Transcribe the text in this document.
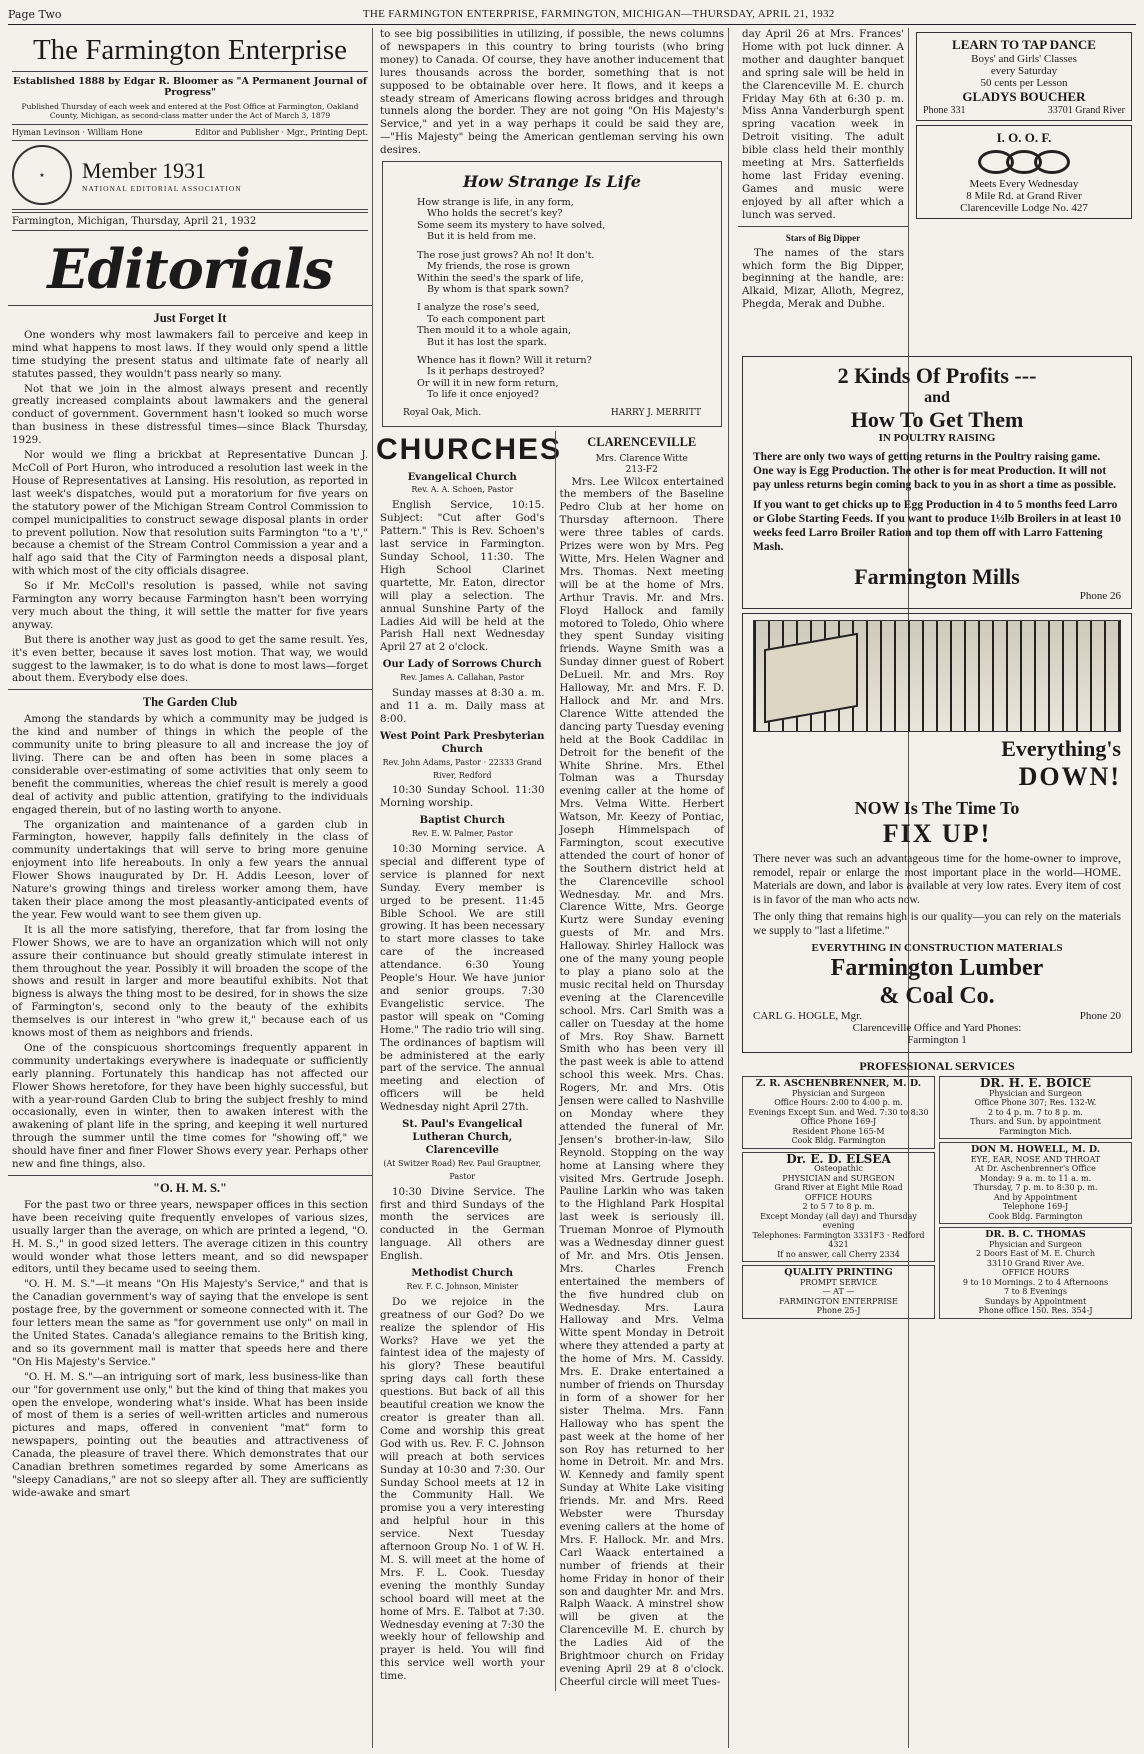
Page Two	THE FARMINGTON ENTERPRISE, FARMINGTON, MICHIGAN—THURSDAY, APRIL 21, 1932
The Farmington Enterprise
Established 1888 by Edgar R. Bloomer as "A Permanent Journal of Progress"
Published Thursday of each week and entered at the Post Office at Farmington, Oakland County, Michigan, as second-class matter under the Act of March 3, 1879
Hyman Levinson · William Hone	Editor and Publisher · Mgr., Printing Dept.
★	Member 1931
NATIONAL EDITORIAL ASSOCIATION
Farmington, Michigan, Thursday, April 21, 1932
Editorials
Just Forget It

One wonders why most lawmakers fail to perceive and keep in mind what happens to most laws. If they would only spend a little time studying the present status and ultimate fate of nearly all statutes passed, they wouldn't pass nearly so many.

Not that we join in the almost always present and recently greatly increased complaints about lawmakers and the general conduct of government. Government hasn't looked so much worse than business in these distressful times—since Black Thursday, 1929.

Nor would we fling a brickbat at Representative Duncan J. McColl of Port Huron, who introduced a resolution last week in the House of Representatives at Lansing. His resolution, as reported in last week's dispatches, would put a moratorium for five years on the statutory power of the Michigan Stream Control Commission to compel municipalities to construct sewage disposal plants in order to prevent pollution. Now that resolution suits Farmington "to a 't'," because a chemist of the Stream Control Commission a year and a half ago said that the City of Farmington needs a disposal plant, with which most of the city officials disagree.

So if Mr. McColl's resolution is passed, while not saving Farmington any worry because Farmington hasn't been worrying very much about the thing, it will settle the matter for five years anyway.

But there is another way just as good to get the same result. Yes, it's even better, because it saves lost motion. That way, we would suggest to the lawmaker, is to do what is done to most laws—forget about them. Everybody else does.

The Garden Club

Among the standards by which a community may be judged is the kind and number of things in which the people of the community unite to bring pleasure to all and increase the joy of living. There can be and often has been in some places a considerable over-estimating of some activities that only seem to benefit the communities, whereas the chief result is merely a good deal of activity and public attention, gratifying to the individuals engaged therein, but of no lasting worth to anyone.

The organization and maintenance of a garden club in Farmington, however, happily falls definitely in the class of community undertakings that will serve to bring more genuine enjoyment into life hereabouts. In only a few years the annual Flower Shows inaugurated by Dr. H. Addis Leeson, lover of Nature's growing things and tireless worker among them, have taken their place among the most pleasantly-anticipated events of the year. Few would want to see them given up.

It is all the more satisfying, therefore, that far from losing the Flower Shows, we are to have an organization which will not only assure their continuance but should greatly stimulate interest in them throughout the year. Possibly it will broaden the scope of the shows and result in larger and more beautiful exhibits. Not that bigness is always the thing most to be desired, for in shows the size of Farmington's, second only to the beauty of the exhibits themselves is our interest in "who grew it," because each of us knows most of them as neighbors and friends.

One of the conspicuous shortcomings frequently apparent in community undertakings everywhere is inadequate or sufficiently early planning. Fortunately this handicap has not affected our Flower Shows heretofore, for they have been highly successful, but with a year-round Garden Club to bring the subject freshly to mind occasionally, even in winter, then to awaken interest with the awakening of plant life in the spring, and keeping it well nurtured through the summer until the time comes for "showing off," we should have finer and finer Flower Shows every year. Perhaps other new and fine things, also.

"O. H. M. S."

For the past two or three years, newspaper offices in this section have been receiving quite frequently envelopes of various sizes, usually larger than the average, on which are printed a legend, "O. H. M. S.," in good sized letters. The average citizen in this country would wonder what those letters meant, and so did newspaper editors, until they became used to seeing them.

"O. H. M. S."—it means "On His Majesty's Service," and that is the Canadian government's way of saying that the envelope is sent postage free, by the government or someone connected with it. The four letters mean the same as "for government use only" on mail in the United States. Canada's allegiance remains to the British king, and so its government mail is matter that speeds here and there "On His Majesty's Service."

"O. H. M. S."—an intriguing sort of mark, less business-like than our "for government use only," but the kind of thing that makes you open the envelope, wondering what's inside. What has been inside of most of them is a series of well-written articles and numerous pictures and maps, offered in convenient "mat" form to newspapers, pointing out the beauties and attractiveness of Canada, the pleasure of travel there. Which demonstrates that our Canadian brethren sometimes regarded by some Americans as "sleepy Canadians," are not so sleepy after all. They are sufficiently wide-awake and smart

to see big possibilities in utilizing, if possible, the news columns of newspapers in this country to bring tourists (who bring money) to Canada. Of course, they have another inducement that lures thousands across the border, something that is not supposed to be obtainable over here. It flows, and it keeps a steady stream of Americans flowing across bridges and through tunnels along the border. They are not going "On His Majesty's Service," and yet in a way perhaps it could be said they are,—"His Majesty" being the American gentleman serving his own desires.

How Strange Is Life
How strange is life, in any form,
Who holds the secret's key?
Some seem its mystery to have solved,
But it is held from me.
The rose just grows? Ah no! It don't.
My friends, the rose is grown
Within the seed's the spark of life,
By whom is that spark sown?
I analyze the rose's seed,
To each component part
Then mould it to a whole again,
But it has lost the spark.
Whence has it flown? Will it return?
Is it perhaps destroyed?
Or will it in new form return,
To life it once enjoyed?
Royal Oak, Mich.	HARRY J. MERRITT
CHURCHES
Evangelical Church
Rev. A. A. Schoen, Pastor

English Service, 10:15. Subject: "Cut after God's Pattern." This is Rev. Schoen's last service in Farmington. Sunday School, 11:30. The High School Clarinet quartette, Mr. Eaton, director will play a selection. The annual Sunshine Party of the Ladies Aid will be held at the Parish Hall next Wednesday April 27 at 2 o'clock.

Our Lady of Sorrows Church
Rev. James A. Callahan, Pastor

Sunday masses at 8:30 a. m. and 11 a. m. Daily mass at 8:00.

West Point Park Presbyterian Church
Rev. John Adams, Pastor · 22333 Grand River, Redford

10:30 Sunday School. 11:30 Morning worship.

Baptist Church
Rev. E. W. Palmer, Pastor

10:30 Morning service. A special and different type of service is planned for next Sunday. Every member is urged to be present. 11:45 Bible School. We are still growing. It has been necessary to start more classes to take care of the increased attendance. 6:30 Young People's Hour. We have junior and senior groups. 7:30 Evangelistic service. The pastor will speak on "Coming Home." The radio trio will sing. The ordinances of baptism will be administered at the early part of the service. The annual meeting and election of officers will be held Wednesday night April 27th.

St. Paul's Evangelical Lutheran Church, Clarenceville
(At Switzer Road) Rev. Paul Grauptner, Pastor

10:30 Divine Service. The first and third Sundays of the month the services are conducted in the German language. All others are English.

Methodist Church
Rev. F. C. Johnson, Minister

Do we rejoice in the greatness of our God? Do we realize the splendor of His Works? Have we yet the faintest idea of the majesty of his glory? These beautiful spring days call forth these questions. But back of all this beautiful creation we know the creator is greater than all. Come and worship this great God with us. Rev. F. C. Johnson will preach at both services Sunday at 10:30 and 7:30. Our Sunday School meets at 12 in the Community Hall. We promise you a very interesting and helpful hour in this service. Next Tuesday afternoon Group No. 1 of W. H. M. S. will meet at the home of Mrs. F. L. Cook. Tuesday evening the monthly Sunday school board will meet at the home of Mrs. E. Talbot at 7:30. Wednesday evening at 7:30 the weekly hour of fellowship and prayer is held. You will find this service well worth your time.

CLARENCEVILLE
Mrs. Clarence Witte
213-F2

Mrs. Lee Wilcox entertained the members of the Baseline Pedro Club at her home on Thursday afternoon. There were three tables of cards. Prizes were won by Mrs. Peg Witte, Mrs. Helen Wagner and Mrs. Thomas. Next meeting will be at the home of Mrs. Arthur Travis. Mr. and Mrs. Floyd Hallock and family motored to Toledo, Ohio where they spent Sunday visiting friends. Wayne Smith was a Sunday dinner guest of Robert DeLueil. Mr. and Mrs. Roy Halloway, Mr. and Mrs. F. D. Hallock and Mr. and Mrs. Clarence Witte attended the dancing party Tuesday evening held at the Book Caddilac in Detroit for the benefit of the White Shrine. Mrs. Ethel Tolman was a Thursday evening caller at the home of Mrs. Velma Witte. Herbert Watson, Mr. Keezy of Pontiac, Joseph Himmelspach of Farmington, scout executive attended the court of honor of the Southern district held at the Clarenceville school Wednesday. Mr. and Mrs. Clarence Witte, Mrs. George Kurtz were Sunday evening guests of Mr. and Mrs. Halloway. Shirley Hallock was one of the many young people to play a piano solo at the music recital held on Thursday evening at the Clarenceville school. Mrs. Carl Smith was a caller on Tuesday at the home of Mrs. Roy Shaw. Barnett Smith who has been very ill the past week is able to attend school this week. Mrs. Chas. Rogers, Mr. and Mrs. Otis Jensen were called to Nashville on Monday where they attended the funeral of Mr. Jensen's brother-in-law, Silo Reynold. Stopping on the way home at Lansing where they visited Mrs. Gertrude Joseph. Pauline Larkin who was taken to the Highland Park Hospital last week is seriously ill. Trueman Monroe of Plymouth was a Wednesday dinner guest of Mr. and Mrs. Otis Jensen. Mrs. Charles French entertained the members of the five hundred club on Wednesday. Mrs. Laura Halloway and Mrs. Velma Witte spent Monday in Detroit where they attended a party at the home of Mrs. M. Cassidy. Mrs. E. Drake entertained a number of friends on Thursday in form of a shower for her sister Thelma. Mrs. Fann Halloway who has spent the past week at the home of her son Roy has returned to her home in Detroit. Mr. and Mrs. W. Kennedy and family spent Sunday at White Lake visiting friends. Mr. and Mrs. Reed Webster were Thursday evening callers at the home of Mrs. F. Hallock. Mr. and Mrs. Carl Waack entertained a number of friends at their home Friday in honor of their son and daughter Mr. and Mrs. Ralph Waack. A minstrel show will be given at the Clarenceville M. E. church by the Ladies Aid of the Brightmoor church on Friday evening April 29 at 8 o'clock. Cheerful circle will meet Tues-

day April 26 at Mrs. Frances' Home with pot luck dinner. A mother and daughter banquet and spring sale will be held in the Clarenceville M. E. church Friday May 6th at 6:30 p. m. Miss Anna Vanderburgh spent spring vacation week in Detroit visiting. The adult bible class held their monthly meeting at Mrs. Satterfields home last Friday evening. Games and music were enjoyed by all after which a lunch was served.

Stars of Big Dipper

The names of the stars which form the Big Dipper, beginning at the handle, are: Alkaid, Mizar, Alioth, Megrez, Phegda, Merak and Dubhe.

LEARN TO TAP DANCE
Boys' and Girls' Classes
every Saturday
50 cents per Lesson
GLADYS BOUCHER
Phone 331	33701 Grand River
I. O. O. F.
Meets Every Wednesday
8 Mile Rd. at Grand River
Clarenceville Lodge No. 427
2 Kinds Of Profits ---
and
How To Get Them
IN POULTRY RAISING
There are only two ways of getting returns in the Poultry raising game. One way is Egg Production. The other is for meat Production. It will not pay unless returns begin coming back to you in as short a time as possible.
If you want to get chicks up to Egg Production in 4 to 5 months feed Larro or Globe Starting Feeds. If you want to produce 1½lb Broilers in at least 10 weeks feed Larro Broiler Ration and top them off with Larro Fattening Mash.
Farmington Mills
Phone 26
Everything's
DOWN!
NOW Is The Time To
FIX UP!
There never was such an advantageous time for the home-owner to improve, remodel, repair or enlarge the most important place in the world—HOME. Materials are down, and labor is available at very low rates. Every item of cost is in favor of the man who acts now.
The only thing that remains high is our quality—you can rely on the materials we supply to "last a lifetime."
EVERYTHING IN CONSTRUCTION MATERIALS
Farmington Lumber
& Coal Co.
CARL G. HOGLE, Mgr.	Phone 20
Clarenceville Office and Yard Phones:
Farmington 1
PROFESSIONAL SERVICES
Z. R. ASCHENBRENNER, M. D.
Physician and Surgeon
Office Hours: 2:00 to 4:00 p. m.
Evenings Except Sun. and Wed. 7:30 to 8:30
Office Phone 169-J
Resident Phone 165-M
Cook Bldg. Farmington
Dr. E. D. ELSEA
Osteopathic
PHYSICIAN and SURGEON
Grand River at Eight Mile Road
OFFICE HOURS
2 to 5 7 to 8 p. m.
Except Monday (all day) and Thursday evening
Telephones: Farmington 3331F3 · Redford 4321
If no answer, call Cherry 2334
QUALITY PRINTING
PROMPT SERVICE
— AT —
FARMINGTON ENTERPRISE
Phone 25-J
DR. H. E. BOICE
Physician and Surgeon
Office Phone 307; Res. 132-W.
2 to 4 p. m. 7 to 8 p. m.
Thurs. and Sun. by appointment
Farmington Mich.
DON M. HOWELL, M. D.
EYE, EAR, NOSE AND THROAT
At Dr. Aschenbrenner's Office
Monday: 9 a. m. to 11 a. m.
Thursday, 7 p. m. to 8:30 p. m.
And by Appointment
Telephone 169-J
Cook Bldg. Farmington
DR. B. C. THOMAS
Physician and Surgeon
2 Doors East of M. E. Church
33110 Grand River Ave.
OFFICE HOURS
9 to 10 Mornings. 2 to 4 Afternoons
7 to 8 Evenings
Sundays by Appointment
Phone office 150. Res. 354-J
